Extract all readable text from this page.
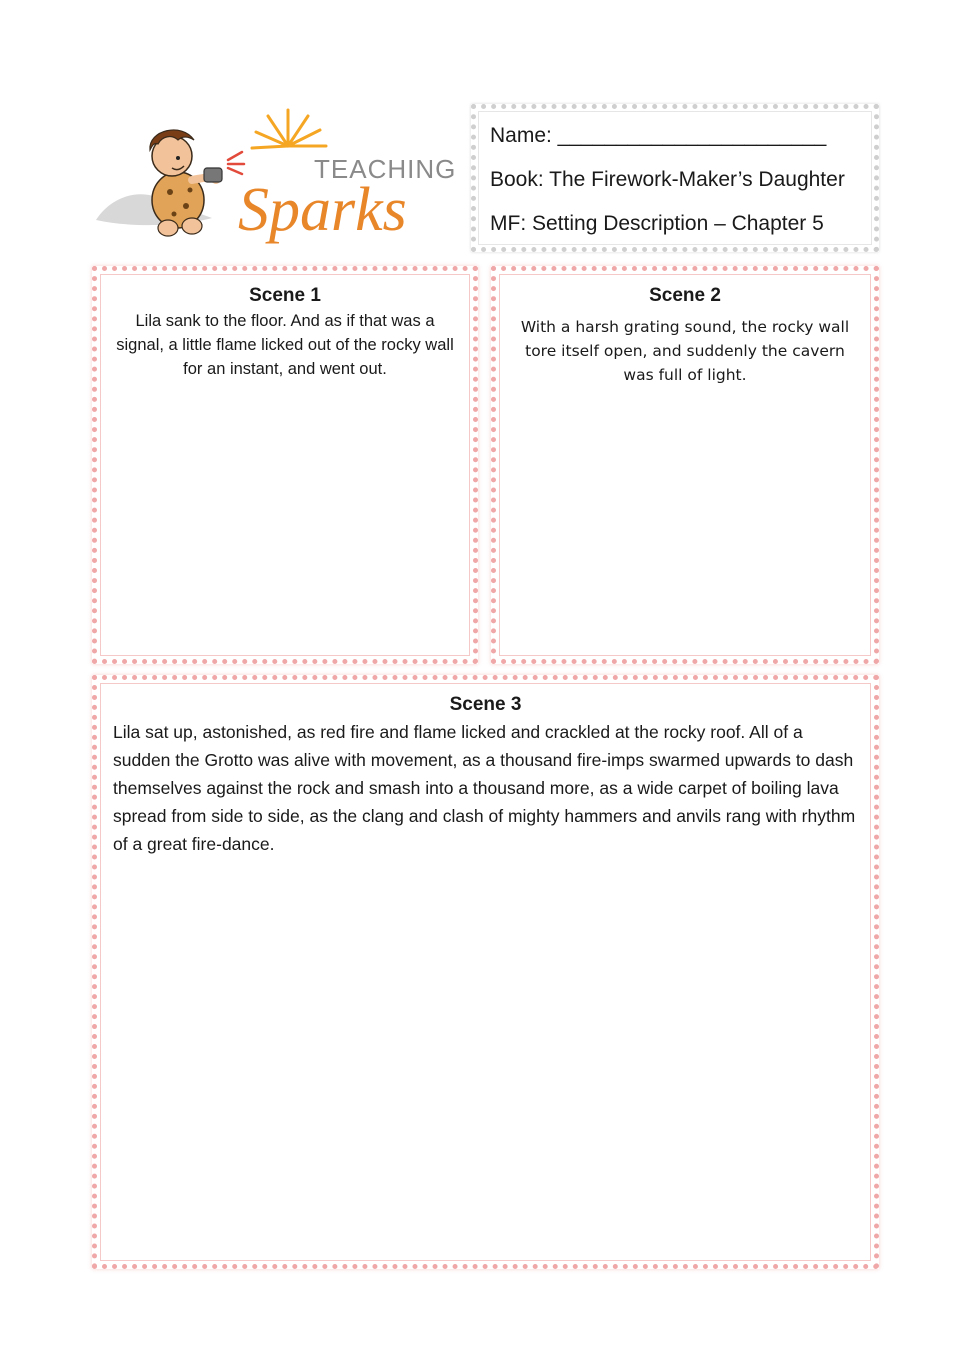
TEACHING
Sparks
Name: _______________________
Book: The Firework-Maker’s Daughter
MF: Setting Description – Chapter 5
Scene 1
Lila sank to the floor. And as if that was a signal, a little flame licked out of the rocky wall for an instant, and went out.
Scene 2
With a harsh grating sound, the rocky wall tore itself open, and suddenly the cavern was full of light.
Scene 3
Lila sat up, astonished, as red fire and flame licked and crackled at the rocky roof. All of a sudden the Grotto was alive with movement, as a thousand fire-imps swarmed upwards to dash themselves against the rock and smash into a thousand more, as a wide carpet of boiling lava spread from side to side, as the clang and clash of mighty hammers and anvils rang with rhythm of a great fire-dance.
